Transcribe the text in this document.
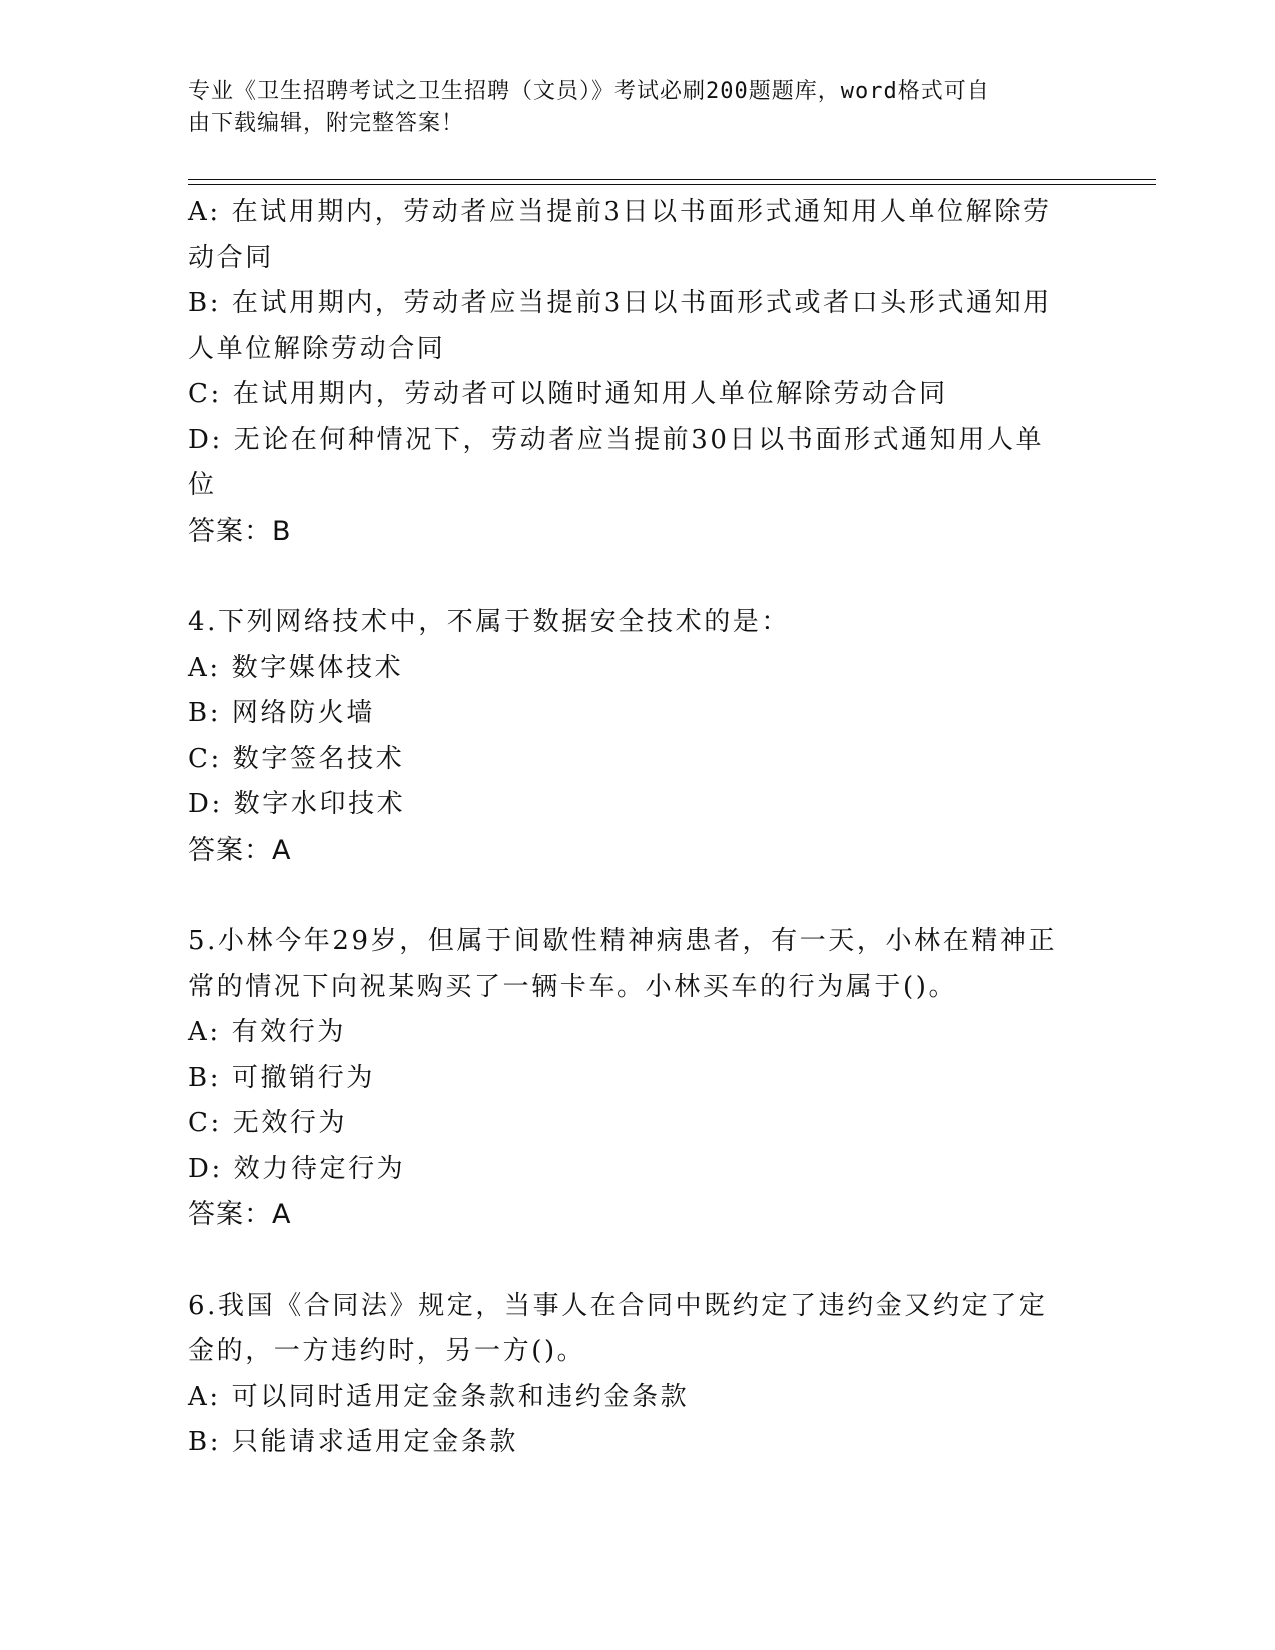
专业《卫生招聘考试之卫生招聘（文员）》考试必刷200题题库，word格式可自
由下载编辑，附完整答案！

A: 在试用期内，劳动者应当提前3日以书面形式通知用人单位解除劳

动合同

B: 在试用期内，劳动者应当提前3日以书面形式或者口头形式通知用

人单位解除劳动合同

C: 在试用期内，劳动者可以随时通知用人单位解除劳动合同

D: 无论在何种情况下，劳动者应当提前30日以书面形式通知用人单

位

答案：B

4.下列网络技术中，不属于数据安全技术的是：

A: 数字媒体技术

B: 网络防火墙

C: 数字签名技术

D: 数字水印技术

答案：A

5.小林今年29岁，但属于间歇性精神病患者，有一天，小林在精神正

常的情况下向祝某购买了一辆卡车。小林买车的行为属于()。

A: 有效行为

B: 可撤销行为

C: 无效行为

D: 效力待定行为

答案：A

6.我国《合同法》规定，当事人在合同中既约定了违约金又约定了定

金的，一方违约时，另一方()。

A: 可以同时适用定金条款和违约金条款

B: 只能请求适用定金条款
